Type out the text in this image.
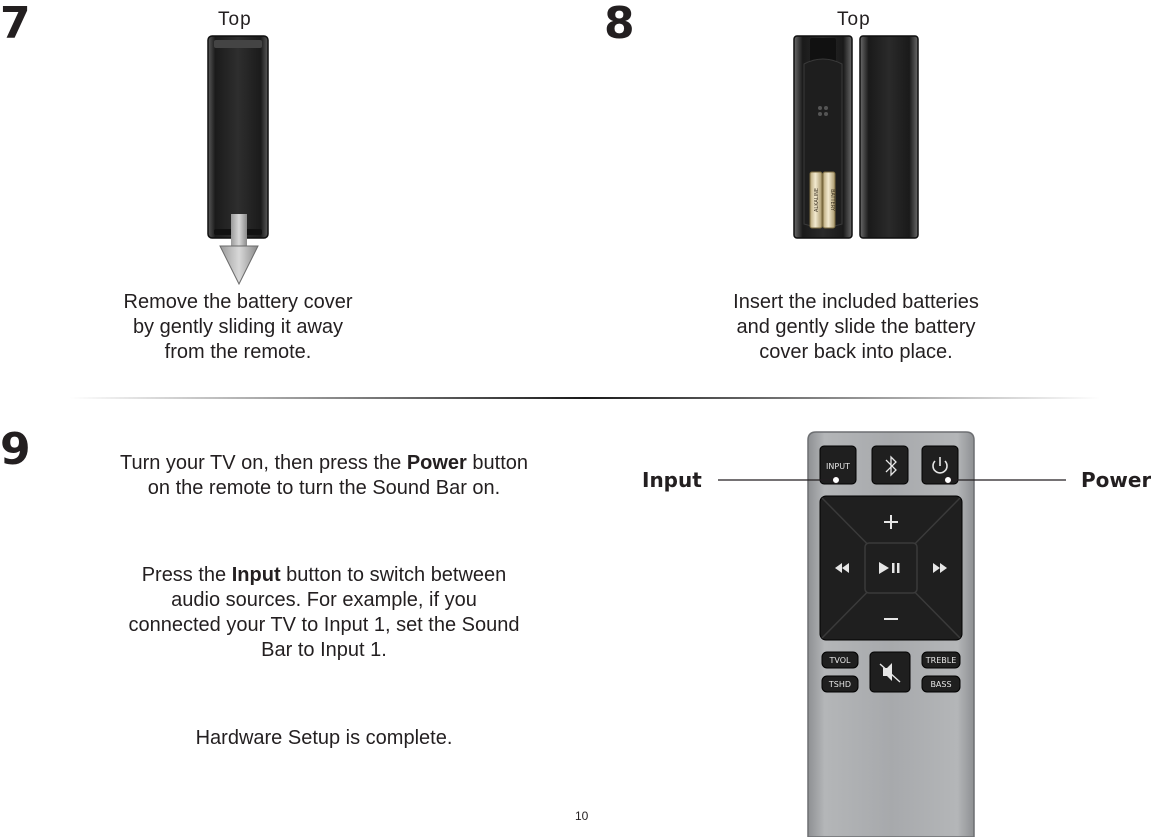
7	Top
Remove the battery cover
by gently sliding it away
from the remote.
8	Top
ALKALINE BATTERY
Insert the included batteries
and gently slide the battery
cover back into place.
9	Turn your TV on, then press the Power button
on the remote to turn the Sound Bar on.
Press the Input button to switch between
audio sources. For example, if you
connected your TV to Input 1, set the Sound
Bar to Input 1.
Hardware Setup is complete.
Input	Power
INPUT
TVOL
TSHD
TREBLE
BASS
10
